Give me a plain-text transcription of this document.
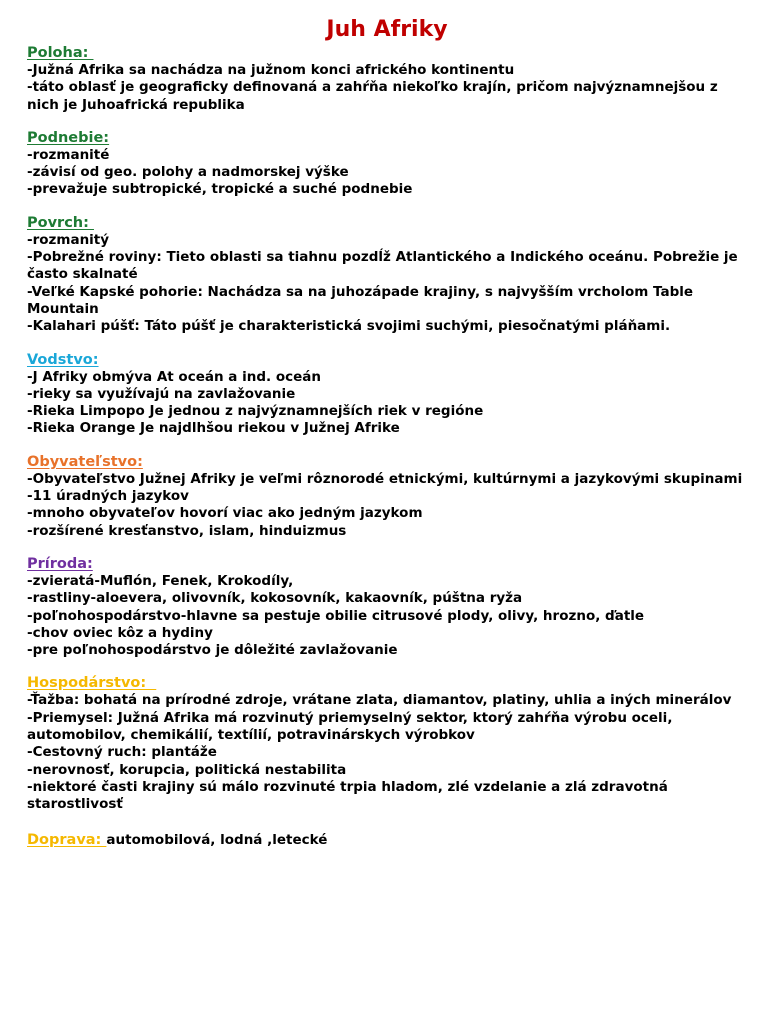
Juh Afriky
Poloha:
-Južná Afrika sa nachádza na južnom konci afrického kontinentu
-táto oblasť je geograficky definovaná a zahŕňa niekoľko krajín, pričom najvýznamnejšou z nich je Juhoafrická republika
Podnebie:
-rozmanité
-závisí od geo. polohy a nadmorskej výške
-prevažuje subtropické, tropické a suché podnebie
Povrch:
-rozmanitý
-Pobrežné roviny: Tieto oblasti sa tiahnu pozdĺž Atlantického a Indického oceánu. Pobrežie je často skalnaté
-Veľké Kapské pohorie: Nachádza sa na juhozápade krajiny, s najvyšším vrcholom Table Mountain
-Kalahari púšť: Táto púšť je charakteristická svojimi suchými, piesočnatými pláňami.
Vodstvo:
-J Afriky obmýva At oceán a ind. oceán
-rieky sa využívajú na zavlažovanie
-Rieka Limpopo Je jednou z najvýznamnejších riek v regióne
-Rieka Orange Je najdlhšou riekou v Južnej Afrike
Obyvateľstvo:
-Obyvateľstvo Južnej Afriky je veľmi rôznorodé etnickými, kultúrnymi a jazykovými skupinami
-11 úradných jazykov
-mnoho obyvateľov hovorí viac ako jedným jazykom
-rozšírené kresťanstvo, islam, hinduizmus
Príroda:
-zvieratá-Muflón, Fenek, Krokodíly,
-rastliny-aloevera, olivovník, kokosovník, kakaovník, púštna ryža
-poľnohospodárstvo-hlavne sa pestuje obilie citrusové plody, olivy, hrozno, ďatle
-chov oviec kôz a hydiny
-pre poľnohospodárstvo je dôležité zavlažovanie
Hospodárstvo:
-Ťažba: bohatá na prírodné zdroje, vrátane zlata, diamantov, platiny, uhlia a iných minerálov
-Priemysel: Južná Afrika má rozvinutý priemyselný sektor, ktorý zahŕňa výrobu oceli, automobilov, chemikálií, textílií, potravinárskych výrobkov
-Cestovný ruch: plantáže
-nerovnosť, korupcia, politická nestabilita
-niektoré časti krajiny sú málo rozvinuté trpia hladom, zlé vzdelanie a zlá zdravotná starostlivosť
Doprava: automobilová, lodná ,letecké
